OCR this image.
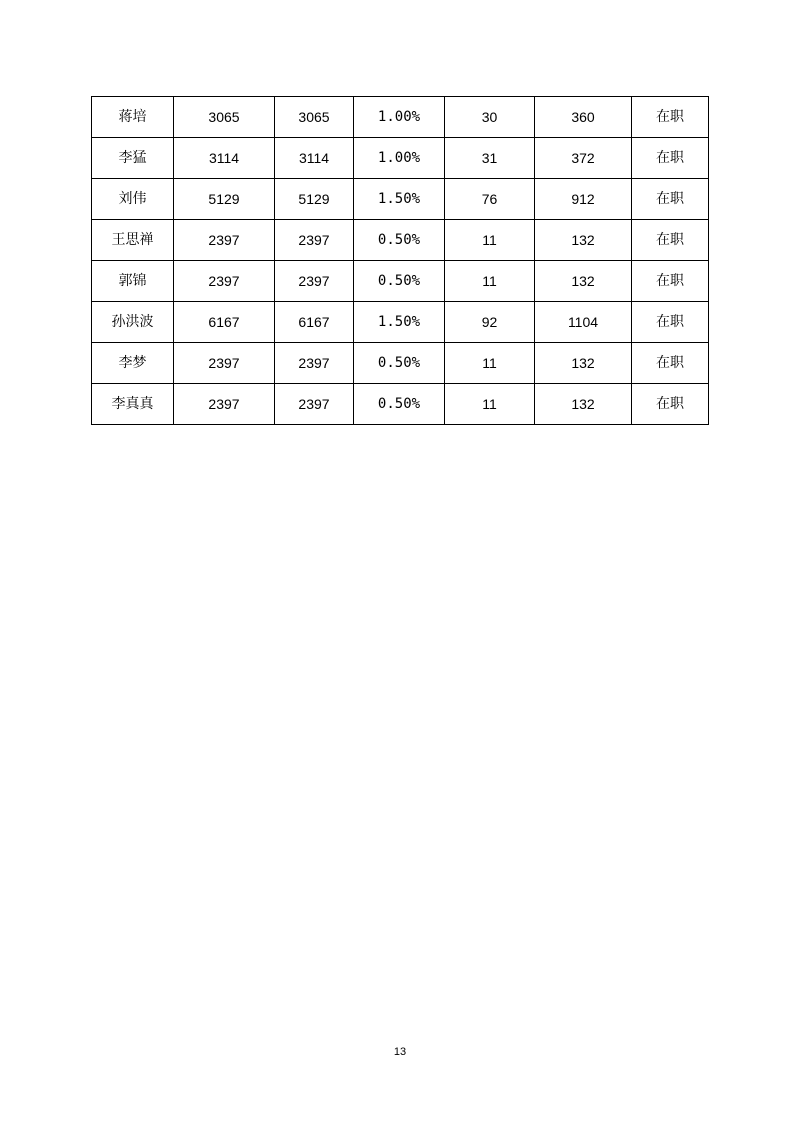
蒋培	3065	3065	1.00%	30	360	在职
李猛	3114	3114	1.00%	31	372	在职
刘伟	5129	5129	1.50%	76	912	在职
王思禅	2397	2397	0.50%	11	132	在职
郭锦	2397	2397	0.50%	11	132	在职
孙洪波	6167	6167	1.50%	92	1104	在职
李梦	2397	2397	0.50%	11	132	在职
李真真	2397	2397	0.50%	11	132	在职
13
